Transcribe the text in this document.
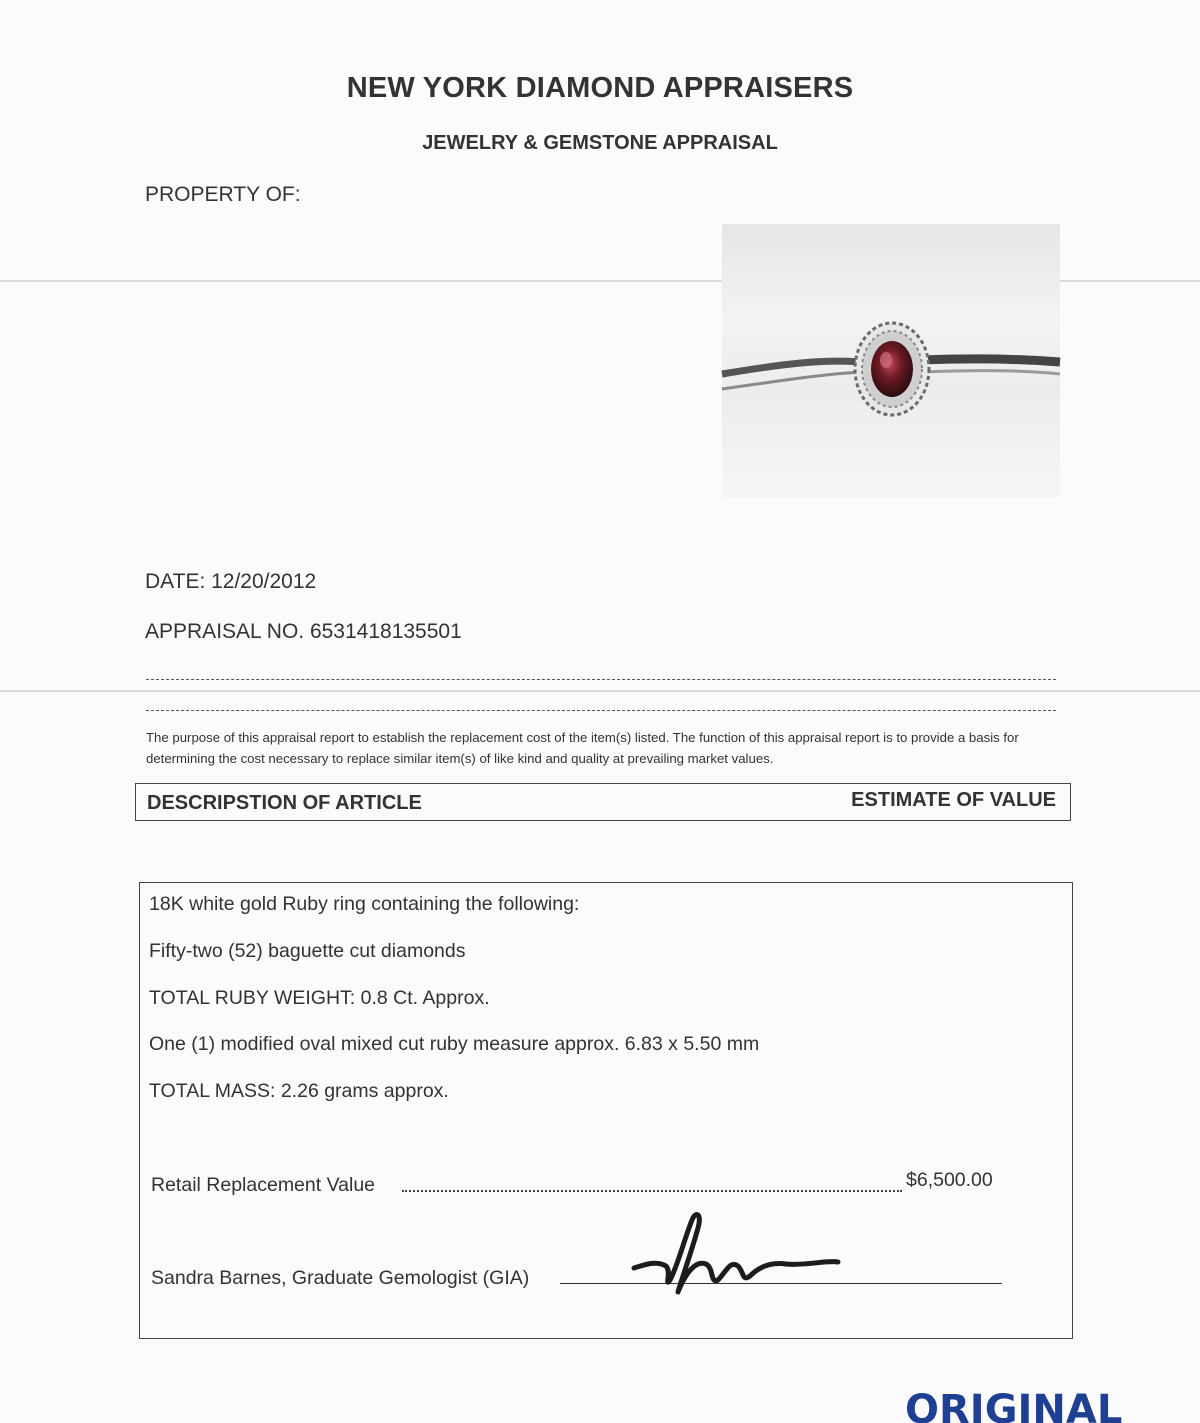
NEW YORK DIAMOND APPRAISERS
JEWELRY & GEMSTONE APPRAISAL
PROPERTY OF:
DATE: 12/20/2012
APPRAISAL NO. 6531418135501
The purpose of this appraisal report to establish the replacement cost of the item(s) listed. The function of this appraisal report is to provide a basis for determining the cost necessary to replace similar item(s) of like kind and quality at prevailing market values.
DESCRIPSTION OF ARTICLE	ESTIMATE OF VALUE
18K white gold Ruby ring containing the following:
Fifty-two (52) baguette cut diamonds
TOTAL RUBY WEIGHT: 0.8 Ct. Approx.
One (1) modified oval mixed cut ruby measure approx. 6.83 x 5.50 mm
TOTAL MASS: 2.26 grams approx.
Retail Replacement Value	$6,500.00
Sandra Barnes, Graduate Gemologist (GIA)
ORIGINAL
